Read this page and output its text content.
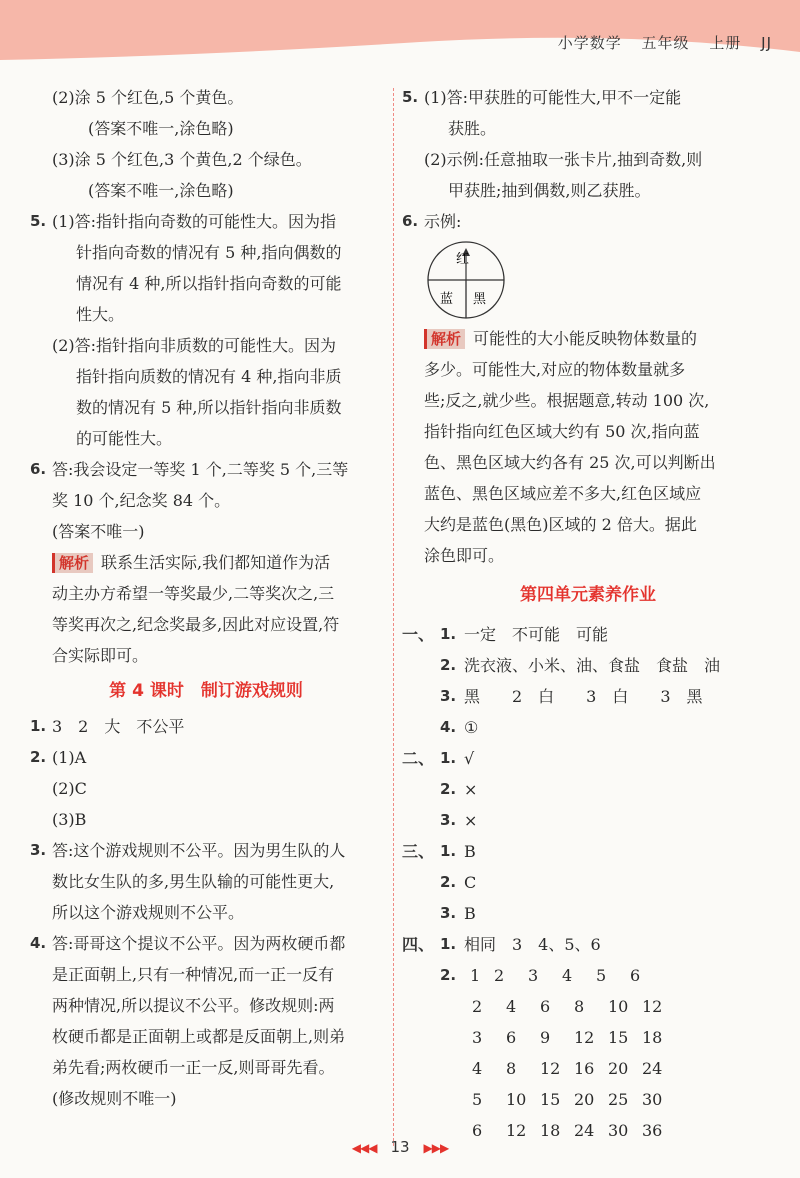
小学数学 五年级 上册 JJ
(2)涂 5 个红色,5 个黄色。
(答案不唯一,涂色略)
(3)涂 5 个红色,3 个黄色,2 个绿色。
(答案不唯一,涂色略)
5. (1)答:指针指向奇数的可能性大。因为指
针指向奇数的情况有 5 种,指向偶数的
情况有 4 种,所以指针指向奇数的可能
性大。
(2)答:指针指向非质数的可能性大。因为
指针指向质数的情况有 4 种,指向非质
数的情况有 5 种,所以指针指向非质数
的可能性大。
6. 答:我会设定一等奖 1 个,二等奖 5 个,三等
奖 10 个,纪念奖 84 个。
(答案不唯一)
解析 联系生活实际,我们都知道作为活
动主办方希望一等奖最少,二等奖次之,三
等奖再次之,纪念奖最多,因此对应设置,符
合实际即可。
第 4 课时　制订游戏规则
1. 3　2　大　不公平
2. (1)A
(2)C
(3)B
3. 答:这个游戏规则不公平。因为男生队的人
数比女生队的多,男生队输的可能性更大,
所以这个游戏规则不公平。
4. 答:哥哥这个提议不公平。因为两枚硬币都
是正面朝上,只有一种情况,而一正一反有
两种情况,所以提议不公平。修改规则:两
枚硬币都是正面朝上或都是反面朝上,则弟
弟先看;两枚硬币一正一反,则哥哥先看。
(修改规则不唯一)
5. (1)答:甲获胜的可能性大,甲不一定能
获胜。
(2)示例:任意抽取一张卡片,抽到奇数,则
甲获胜;抽到偶数,则乙获胜。
6. 示例:
红
蓝 黑
解析 可能性的大小能反映物体数量的
多少。可能性大,对应的物体数量就多
些;反之,就少些。根据题意,转动 100 次,
指针指向红色区域大约有 50 次,指向蓝
色、黑色区域大约各有 25 次,可以判断出
蓝色、黑色区域应差不多大,红色区域应
大约是蓝色(黑色)区域的 2 倍大。据此
涂色即可。
第四单元素养作业
一、 1. 一定　不可能　可能
2. 洗衣液、小米、油、食盐　食盐　油
3. 黑　　2　白　　3　白　　3　黑
4. ①
二、 1. √
2. ×
3. ×
三、 1. B
2. C
3. B
四、 1. 相同　3　4、5、6
2. 1 2 3 4 5 6
2 4 6 8 10 12
3 6 9 12 15 18
4 8 12 16 20 24
5 10 15 20 25 30
6 12 18 24 30 36
◀◀◀ 13 ▶▶▶
